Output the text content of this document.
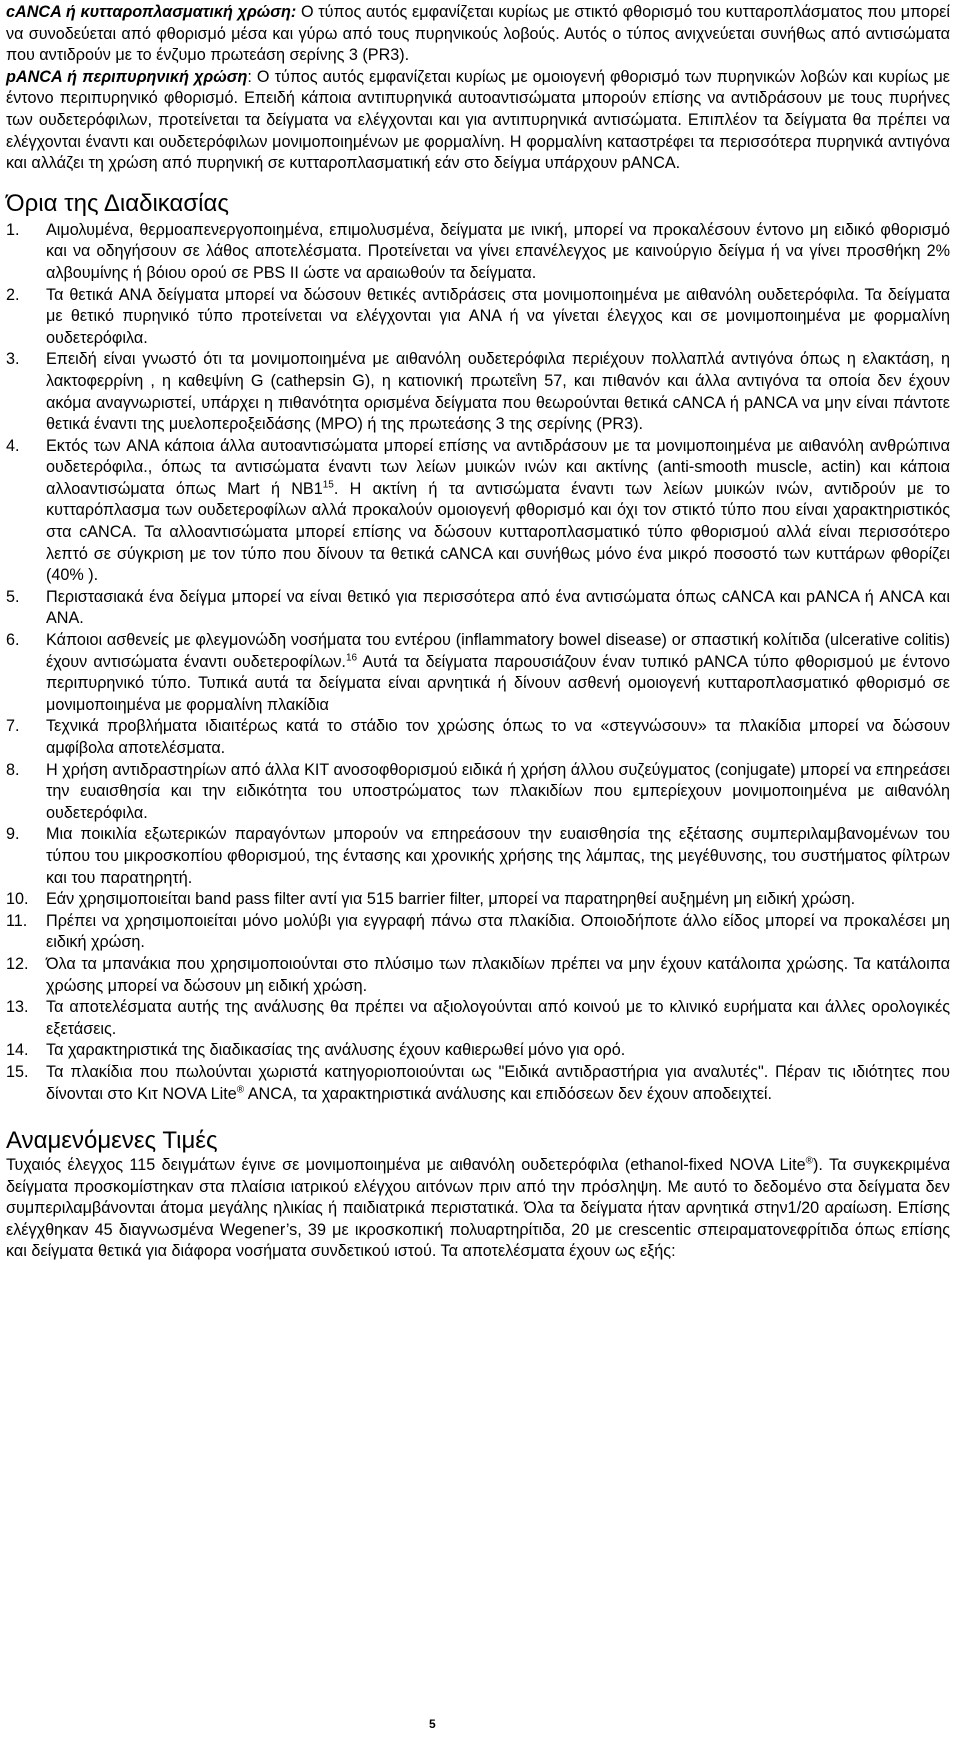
cANCA ή κυτταροπλασματική χρώση: Ο τύπος αυτός εμφανίζεται κυρίως με στικτό φθορισμό του κυτταροπλάσματος που μπορεί να συνοδεύεται από φθορισμό μέσα και γύρω από τους πυρηνικούς λοβούς. Αυτός ο τύπος ανιχνεύεται συνήθως από αντισώματα που αντιδρούν με το ένζυμο πρωτεάση σερίνης 3 (PR3).

pANCA ή περιπυρηνική χρώση: Ο τύπος αυτός εμφανίζεται κυρίως με ομοιογενή φθορισμό των πυρηνικών λοβών και κυρίως με έντονο περιπυρηνικό φθορισμό. Επειδή κάποια αντιπυρηνικά αυτοαντισώματα μπορούν επίσης να αντιδράσουν με τους πυρήνες των ουδετερόφιλων, προτείνεται τα δείγματα να ελέγχονται και για αντιπυρηνικά αντισώματα. Επιπλέον τα δείγματα θα πρέπει να ελέγχονται έναντι και ουδετερόφιλων μονιμοποιημένων με φορμαλίνη. Η φορμαλίνη καταστρέφει τα περισσότερα πυρηνικά αντιγόνα και αλλάζει τη χρώση από πυρηνική σε κυτταροπλασματική εάν στο δείγμα υπάρχουν pANCA.

Όρια της Διαδικασίας
1.	Αιμολυμένα, θερμοαπενεργοποιημένα, επιμολυσμένα, δείγματα με ινική, μπορεί να προκαλέσουν έντονο μη ειδικό φθορισμό και να οδηγήσουν σε λάθος αποτελέσματα. Προτείνεται να γίνει επανέλεγχος με καινούργιο δείγμα ή να γίνει προσθήκη 2% αλβουμίνης ή βόιου ορού σε PBS II ώστε να αραιωθούν τα δείγματα.
2.	Τα θετικά ANA δείγματα μπορεί να δώσουν θετικές αντιδράσεις στα μονιμοποιημένα με αιθανόλη ουδετερόφιλα. Τα δείγματα με θετικό πυρηνικό τύπο προτείνεται να ελέγχονται για ANA ή να γίνεται έλεγχος και σε μονιμοποιημένα με φορμαλίνη ουδετερόφιλα.
3.	Επειδή είναι γνωστό ότι τα μονιμοποιημένα με αιθανόλη ουδετερόφιλα περιέχουν πολλαπλά αντιγόνα όπως η ελακτάση, η λακτοφερρίνη , η καθεψίνη G (cathepsin G), η κατιονική πρωτεΐνη 57, και πιθανόν και άλλα αντιγόνα τα οποία δεν έχουν ακόμα αναγνωριστεί, υπάρχει η πιθανότητα ορισμένα δείγματα που θεωρούνται θετικά cANCA ή pANCA να μην είναι πάντοτε θετικά έναντι της μυελοπεροξειδάσης (MPO) ή της πρωτεάσης 3 της σερίνης (PR3).
4.	Εκτός των ANA κάποια άλλα αυτοαντισώματα μπορεί επίσης να αντιδράσουν με τα μονιμοποιημένα με αιθανόλη ανθρώπινα ουδετερόφιλα., όπως τα αντισώματα έναντι των λείων μυικών ινών και ακτίνης (anti-smooth muscle, actin) και κάποια αλλοαντισώματα όπως Mart ή $NB1^{15}$. Η ακτίνη ή τα αντισώματα έναντι των λείων μυικών ινών, αντιδρούν με το κυτταρόπλασμα των ουδετεροφίλων αλλά προκαλούν ομοιογενή φθορισμό και όχι τον στικτό τύπο που είναι χαρακτηριστικός στα cANCA. Τα αλλοαντισώματα μπορεί επίσης να δώσουν κυτταροπλασματικό τύπο φθορισμού αλλά είναι περισσότερο λεπτό σε σύγκριση με τον τύπο που δίνουν τα θετικά cANCA και συνήθως μόνο ένα μικρό ποσοστό των κυττάρων φθορίζει (40% ).
5.	Περιστασιακά ένα δείγμα μπορεί να είναι θετικό για περισσότερα από ένα αντισώματα όπως cANCA και pANCA ή ANCA και ANA.
6.	Κάποιοι ασθενείς με φλεγμονώδη νοσήματα του εντέρου (inflammatory bowel disease) or σπαστική κολίτιδα (ulcerative colitis) έχουν αντισώματα έναντι ουδετεροφίλων.$^{16}$ Αυτά τα δείγματα παρουσιάζουν έναν τυπικό pANCA τύπο φθορισμού με έντονο περιπυρηνικό τύπο. Τυπικά αυτά τα δείγματα είναι αρνητικά ή δίνουν ασθενή ομοιογενή κυτταροπλασματικό φθορισμό σε μονιμοποιημένα με φορμαλίνη πλακίδια
7.	Τεχνικά προβλήματα ιδιαιτέρως κατά το στάδιο τον χρώσης όπως το να «στεγνώσουν» τα πλακίδια μπορεί να δώσουν αμφίβολα αποτελέσματα.
8.	Η χρήση αντιδραστηρίων από άλλα KIT ανοσοφθορισμού ειδικά ή χρήση άλλου συζεύγματος (conjugate) μπορεί να επηρεάσει την ευαισθησία και την ειδικότητα του υποστρώματος των πλακιδίων που εμπερίεχουν μονιμοποιημένα με αιθανόλη ουδετερόφιλα.
9.	Μια ποικιλία εξωτερικών παραγόντων μπορούν να επηρεάσουν την ευαισθησία της εξέτασης συμπεριλαμβανομένων του τύπου του μικροσκοπίου φθορισμού, της έντασης και χρονικής χρήσης της λάμπας, της μεγέθυνσης, του συστήματος φίλτρων και του παρατηρητή.
10.	Εάν χρησιμοποιείται band pass filter αντί για 515 barrier filter, μπορεί να παρατηρηθεί αυξημένη μη ειδική χρώση.
11.	Πρέπει να χρησιμοποιείται μόνο μολύβι για εγγραφή πάνω στα πλακίδια. Οποιοδήποτε άλλο είδος μπορεί να προκαλέσει μη ειδική χρώση.
12.	Όλα τα μπανάκια που χρησιμοποιούνται στο πλύσιμο των πλακιδίων πρέπει να μην έχουν κατάλοιπα χρώσης. Τα κατάλοιπα χρώσης μπορεί να δώσουν μη ειδική χρώση.
13.	Τα αποτελέσματα αυτής της ανάλυσης θα πρέπει να αξιολογούνται από κοινού με το κλινικό ευρήματα και άλλες ορολογικές εξετάσεις.
14.	Τα χαρακτηριστικά της διαδικασίας της ανάλυσης έχουν καθιερωθεί μόνο για ορό.
15.	Τα πλακίδια που πωλούνται χωριστά κατηγοριοποιούνται ως "Ειδικά αντιδραστήρια για αναλυτές". Πέραν τις ιδιότητες που δίνονται στο Κιτ NOVA Lite® ANCA, τα χαρακτηριστικά ανάλυσης και επιδόσεων δεν έχουν αποδειχτεί.
Αναμενόμενες Τιμές

Τυχαιός έλεγχος 115 δειγμάτων έγινε σε μονιμοποιημένα με αιθανόλη ουδετερόφιλα (ethanol-fixed NOVA Lite®). Τα συγκεκριμένα δείγματα προσκομίστηκαν στα πλαίσια ιατρικού ελέγχου αιτόνων πριν από την πρόσληψη. Με αυτό το δεδομένο στα δείγματα δεν συμπεριλαμβάνονται άτομα μεγάλης ηλικίας ή παιδιατρικά περιστατικά. Όλα τα δείγματα ήταν αρνητικά στην1/20 αραίωση. Επίσης ελέγχθηκαν 45 διαγνωσμένα Wegener’s, 39 με ικροσκοπική πολυαρτηρίτιδα, 20 με crescentic σπειραματονεφρίτιδα όπως επίσης και δείγματα θετικά για διάφορα νοσήματα συνδετικού ιστού. Τα αποτελέσματα έχουν ως εξής:

5
